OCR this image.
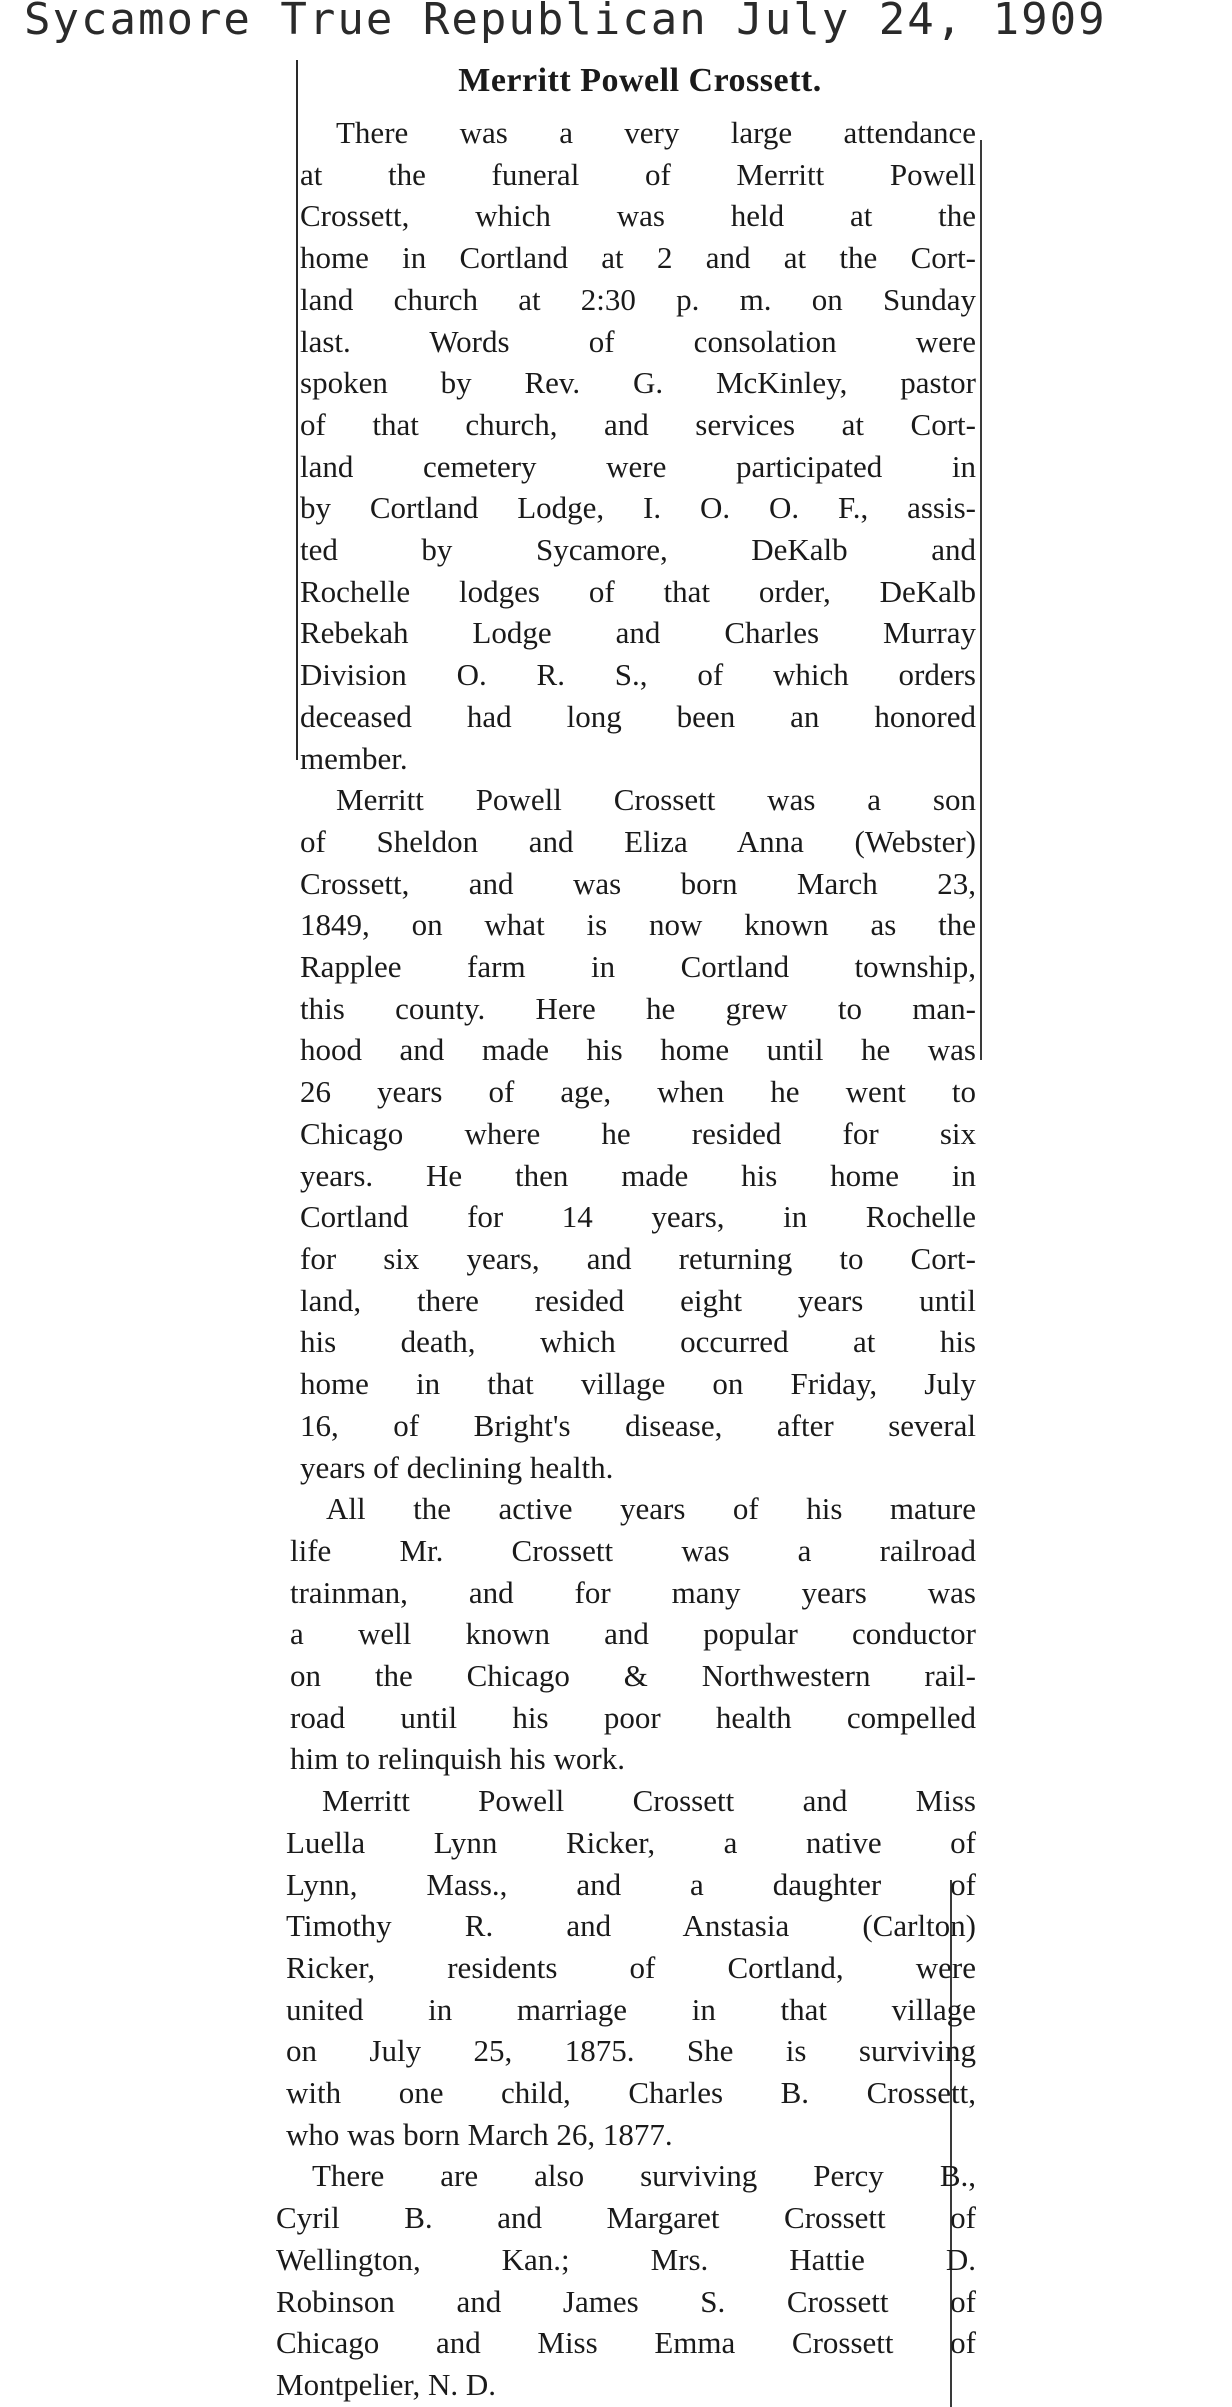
Sycamore True Republican July 24, 1909
Merritt Powell Crossett.

There was a very large attendance
at the funeral of Merritt Powell
Crossett, which was held at the
home in Cortland at 2 and at the Cort-
land church at 2:30 p. m. on Sunday
last. Words of consolation were
spoken by Rev. G. McKinley, pastor
of that church, and services at Cort-
land cemetery were participated in
by Cortland Lodge, I. O. O. F., assis-
ted by Sycamore, DeKalb and
Rochelle lodges of that order, DeKalb
Rebekah Lodge and Charles Murray
Division O. R. S., of which orders
deceased had long been an honored
member.

Merritt Powell Crossett was a son
of Sheldon and Eliza Anna (Webster)
Crossett, and was born March 23,
1849, on what is now known as the
Rapplee farm in Cortland township,
this county. Here he grew to man-
hood and made his home until he was
26 years of age, when he went to
Chicago where he resided for six
years. He then made his home in
Cortland for 14 years, in Rochelle
for six years, and returning to Cort-
land, there resided eight years until
his death, which occurred at his
home in that village on Friday, July
16, of Bright's disease, after several
years of declining health.

All the active years of his mature
life Mr. Crossett was a railroad
trainman, and for many years was
a well known and popular conductor
on the Chicago & Northwestern rail-
road until his poor health compelled
him to relinquish his work.

Merritt Powell Crossett and Miss
Luella Lynn Ricker, a native of
Lynn, Mass., and a daughter of
Timothy R. and Anstasia (Carlton)
Ricker, residents of Cortland, were
united in marriage in that village
on July 25, 1875. She is surviving
with one child, Charles B. Crossett,
who was born March 26, 1877.

There are also surviving Percy B.,
Cyril B. and Margaret Crossett of
Wellington, Kan.; Mrs. Hattie D.
Robinson and James S. Crossett of
Chicago and Miss Emma Crossett of
Montpelier, N. D.
